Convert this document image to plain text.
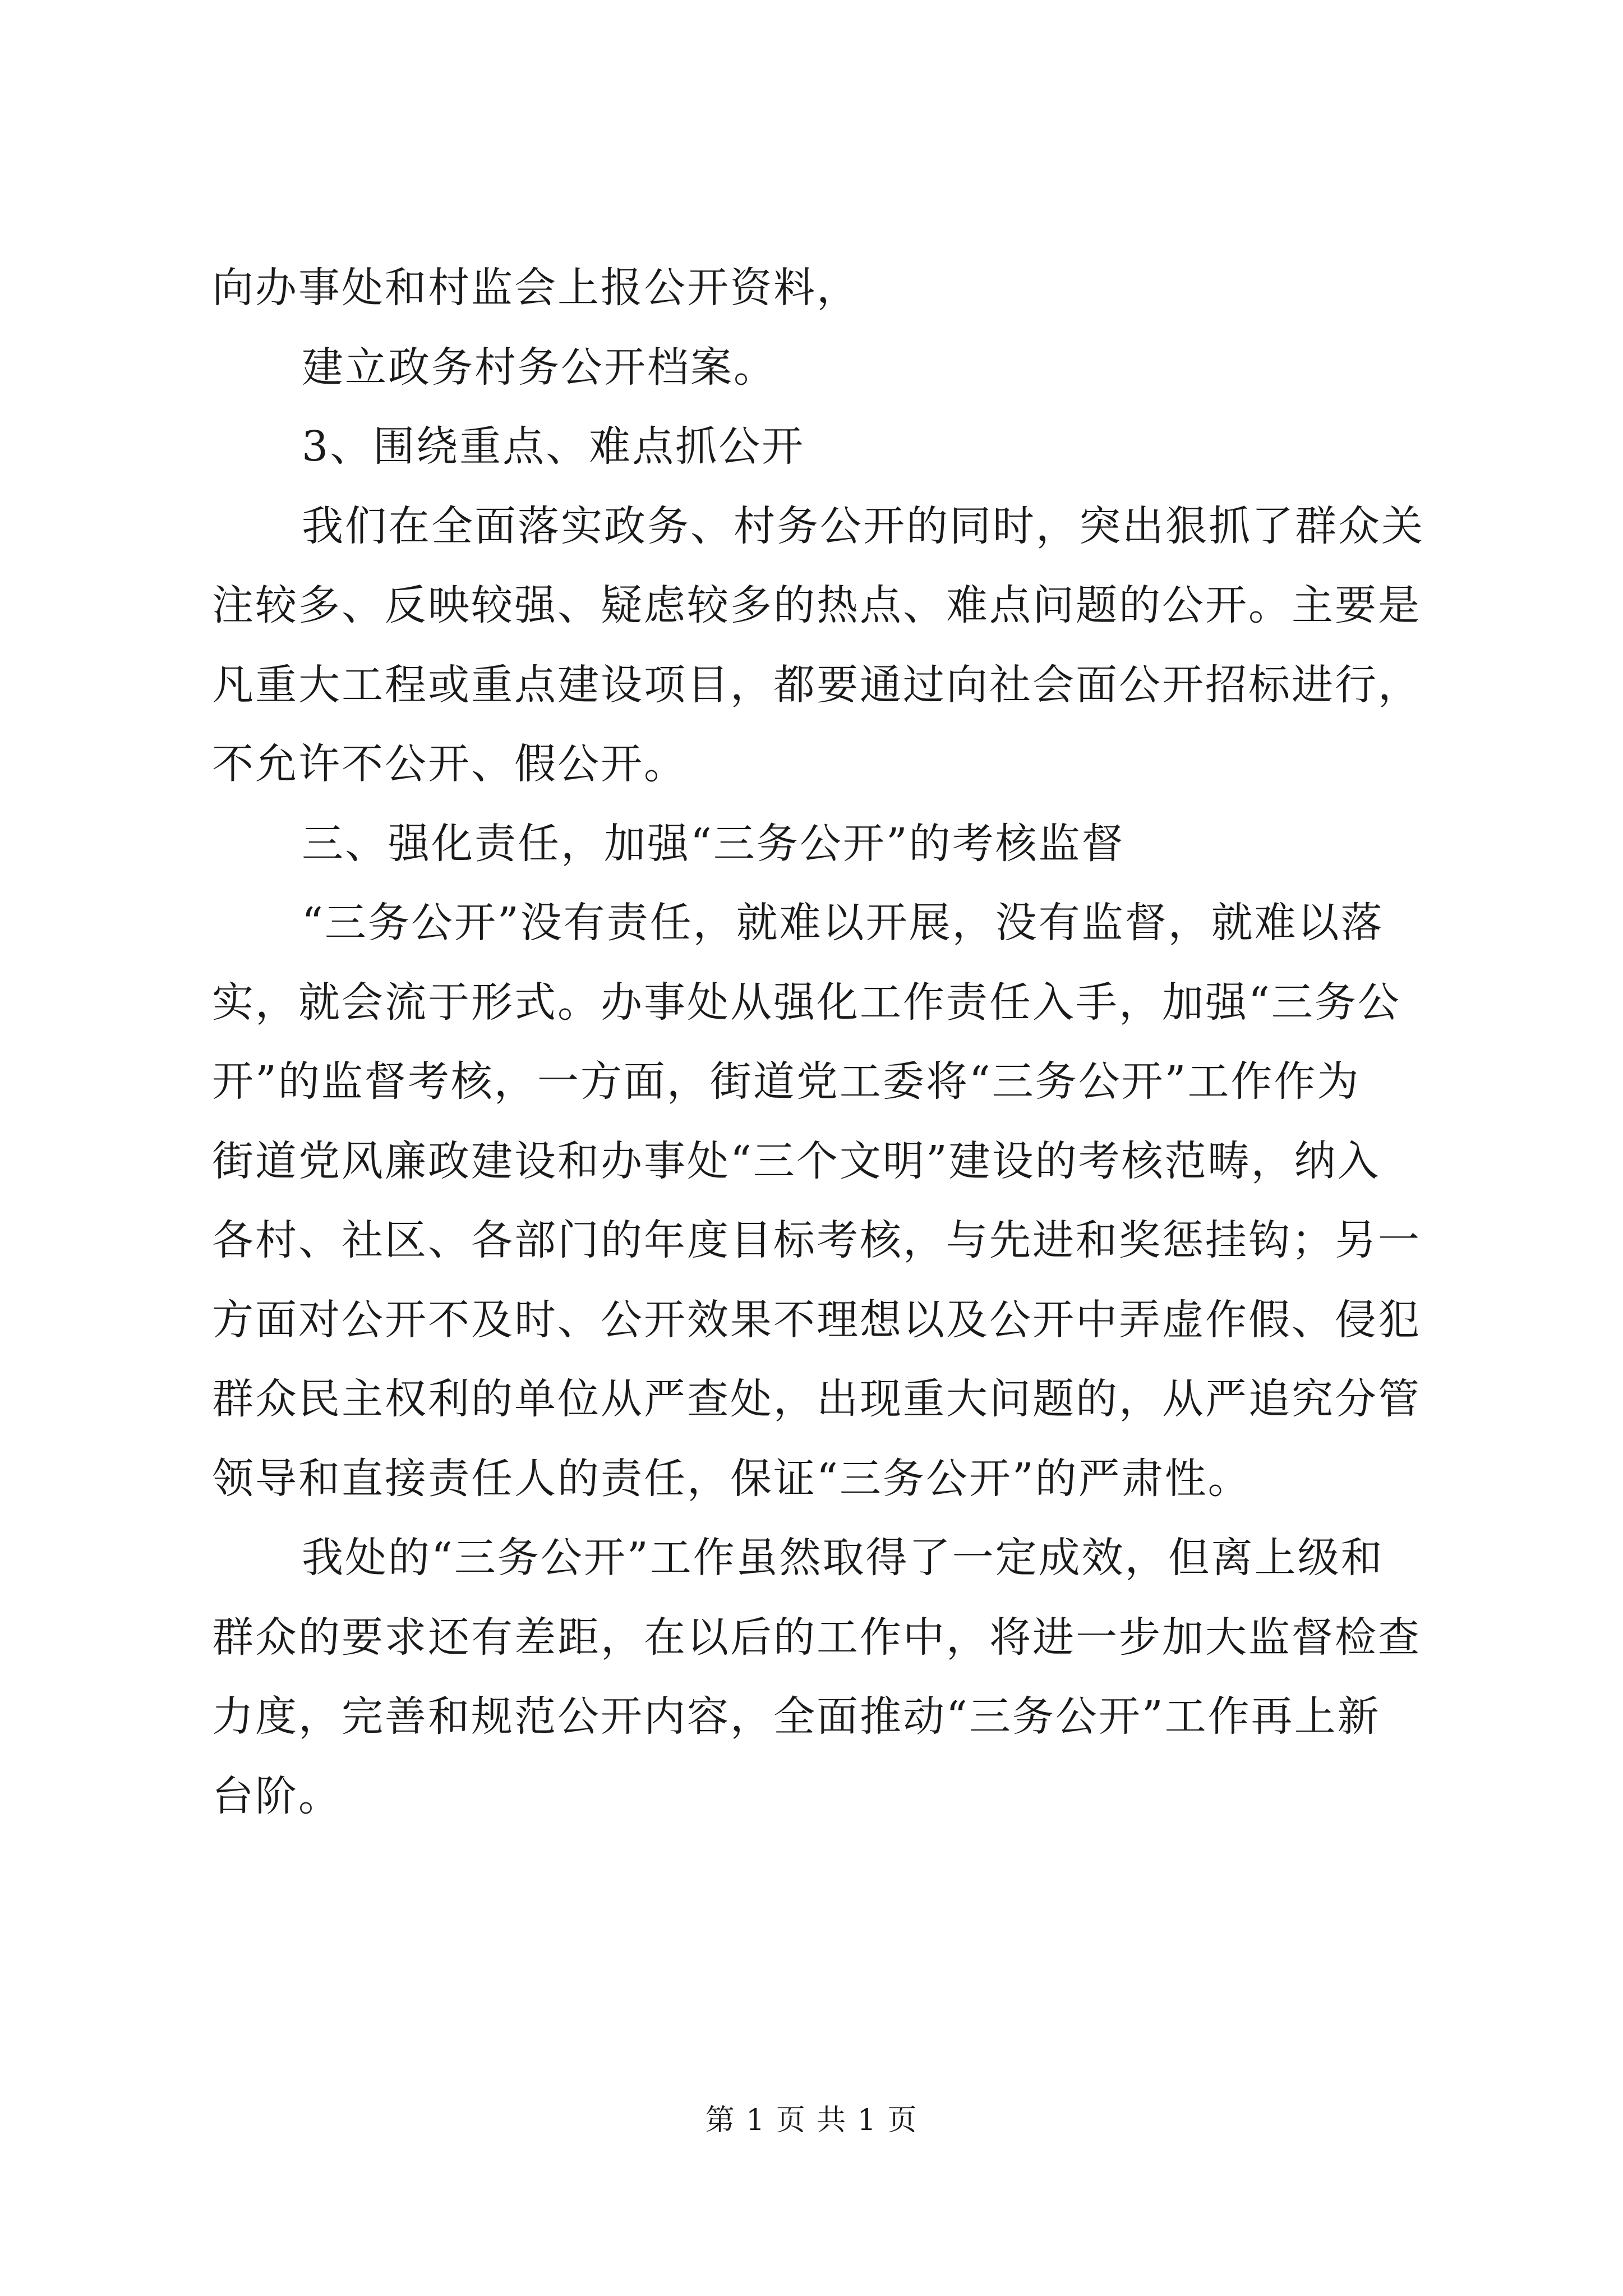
向办事处和村监会上报公开资料，
建立政务村务公开档案。
3、围绕重点、难点抓公开
我们在全面落实政务、村务公开的同时，突出狠抓了群众关
注较多、反映较强、疑虑较多的热点、难点问题的公开。主要是
凡重大工程或重点建设项目，都要通过向社会面公开招标进行，
不允许不公开、假公开。
三、强化责任，加强“三务公开”的考核监督
“三务公开”没有责任，就难以开展，没有监督，就难以落
实，就会流于形式。办事处从强化工作责任入手，加强“三务公
开”的监督考核，一方面，街道党工委将“三务公开”工作作为
街道党风廉政建设和办事处“三个文明”建设的考核范畴，纳入
各村、社区、各部门的年度目标考核，与先进和奖惩挂钩；另一
方面对公开不及时、公开效果不理想以及公开中弄虚作假、侵犯
群众民主权利的单位从严查处，出现重大问题的，从严追究分管
领导和直接责任人的责任，保证“三务公开”的严肃性。
我处的“三务公开”工作虽然取得了一定成效，但离上级和
群众的要求还有差距，在以后的工作中，将进一步加大监督检查
力度，完善和规范公开内容，全面推动“三务公开”工作再上新
台阶。
第 1 页 共 1 页
